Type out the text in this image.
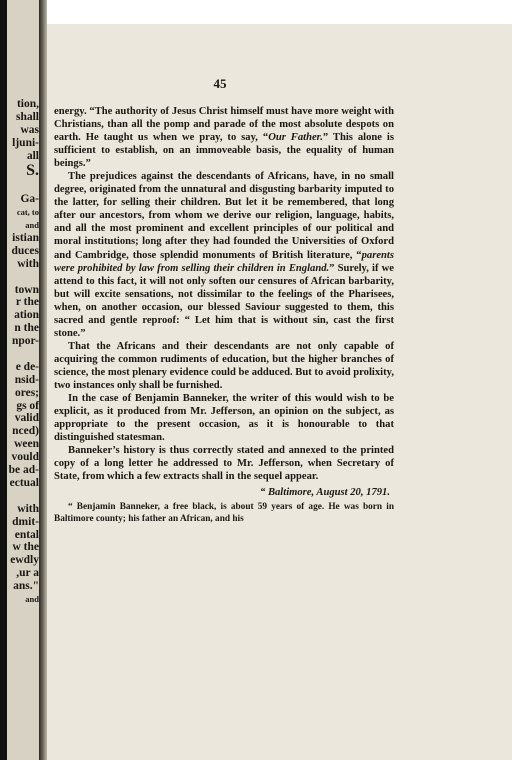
tion,
shall
was
ljuni-
all
S.
Ga-
cat, to
and
istian
duces
with
town
r the
ation
n the
npor-
e de-
nsid-
ores;
gs of
valid
nced)
ween
vould
be ad-
ectual
with
dmit-
ental
w the
ewdly
,ur a
ans."
and
45

energy. “The authority of Jesus Christ himself must have more weight with Christians, than all the pomp and parade of the most absolute despots on earth. He taught us when we pray, to say, “Our Father.” This alone is sufficient to establish, on an immoveable basis, the equality of human beings.”

The prejudices against the descendants of Africans, have, in no small degree, originated from the unnatural and disgusting barbarity imputed to the latter, for selling their children. But let it be remembered, that long after our ancestors, from whom we derive our religion, language, habits, and all the most prominent and excellent principles of our political and moral institutions; long after they had founded the Universities of Oxford and Cambridge, those splendid monuments of British literature, “parents were prohibited by law from selling their children in England.” Surely, if we attend to this fact, it will not only soften our censures of African barbarity, but will excite sensations, not dissimilar to the feelings of the Pharisees, when, on another occasion, our blessed Saviour suggested to them, this sacred and gentle reproof: “ Let him that is without sin, cast the first stone.”

That the Africans and their descendants are not only capable of acquiring the common rudiments of education, but the higher branches of science, the most plenary evidence could be adduced. But to avoid prolixity, two instances only shall be furnished.

In the case of Benjamin Banneker, the writer of this would wish to be explicit, as it produced from Mr. Jefferson, an opinion on the subject, as appropriate to the present occasion, as it is honourable to that distinguished statesman.

Banneker’s history is thus correctly stated and annexed to the printed copy of a long letter he addressed to Mr. Jefferson, when Secretary of State, from which a few extracts shall in the sequel appear.

“ Baltimore, August 20, 1791.

“ Benjamin Banneker, a free black, is about 59 years of age. He was born in Baltimore county; his father an African, and his
